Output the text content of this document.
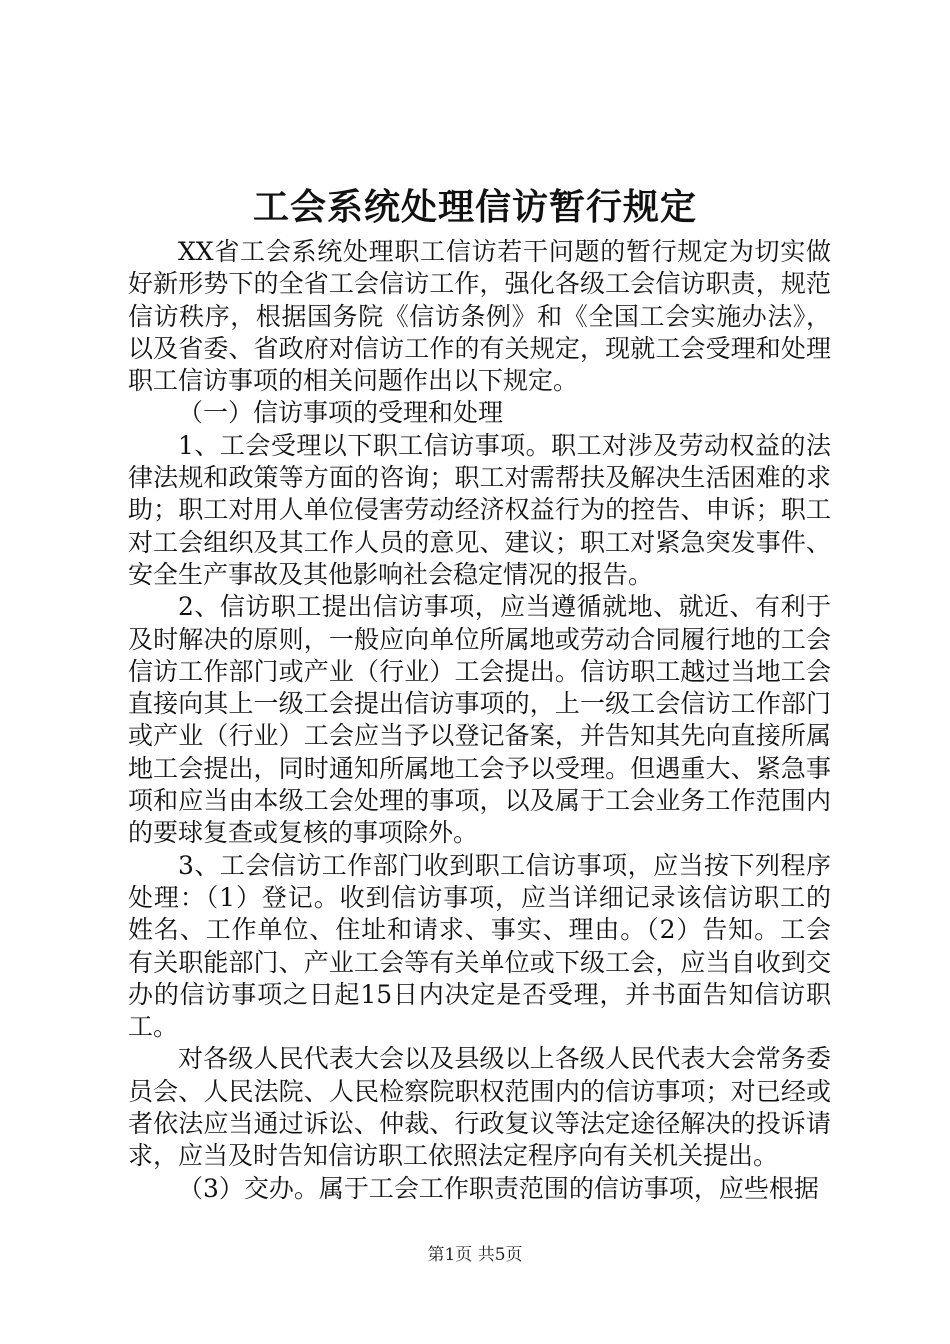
工会系统处理信访暂行规定

XX省工会系统处理职工信访若干问题的暂行规定为切实做好新形势下的全省工会信访工作，强化各级工会信访职责，规范信访秩序，根据国务院《信访条例》和《全国工会实施办法》，以及省委、省政府对信访工作的有关规定，现就工会受理和处理职工信访事项的相关问题作出以下规定。

（一）信访事项的受理和处理

1、工会受理以下职工信访事项。职工对涉及劳动权益的法律法规和政策等方面的咨询；职工对需帮扶及解决生活困难的求助；职工对用人单位侵害劳动经济权益行为的控告、申诉；职工对工会组织及其工作人员的意见、建议；职工对紧急突发事件、安全生产事故及其他影响社会稳定情况的报告。

2、信访职工提出信访事项，应当遵循就地、就近、有利于及时解决的原则，一般应向单位所属地或劳动合同履行地的工会信访工作部门或产业（行业）工会提出。信访职工越过当地工会直接向其上一级工会提出信访事项的，上一级工会信访工作部门或产业（行业）工会应当予以登记备案，并告知其先向直接所属地工会提出，同时通知所属地工会予以受理。但遇重大、紧急事项和应当由本级工会处理的事项，以及属于工会业务工作范围内的要球复查或复核的事项除外。

3、工会信访工作部门收到职工信访事项，应当按下列程序处理：（1）登记。收到信访事项，应当详细记录该信访职工的姓名、工作单位、住址和请求、事实、理由。（2）告知。工会有关职能部门、产业工会等有关单位或下级工会，应当自收到交办的信访事项之日起15日内决定是否受理，并书面告知信访职工。

对各级人民代表大会以及县级以上各级人民代表大会常务委员会、人民法院、人民检察院职权范围内的信访事项；对已经或者依法应当通过诉讼、仲裁、行政复议等法定途径解决的投诉请求，应当及时告知信访职工依照法定程序向有关机关提出。

（3）交办。属于工会工作职责范围的信访事项，应些根据

第1页 共5页
